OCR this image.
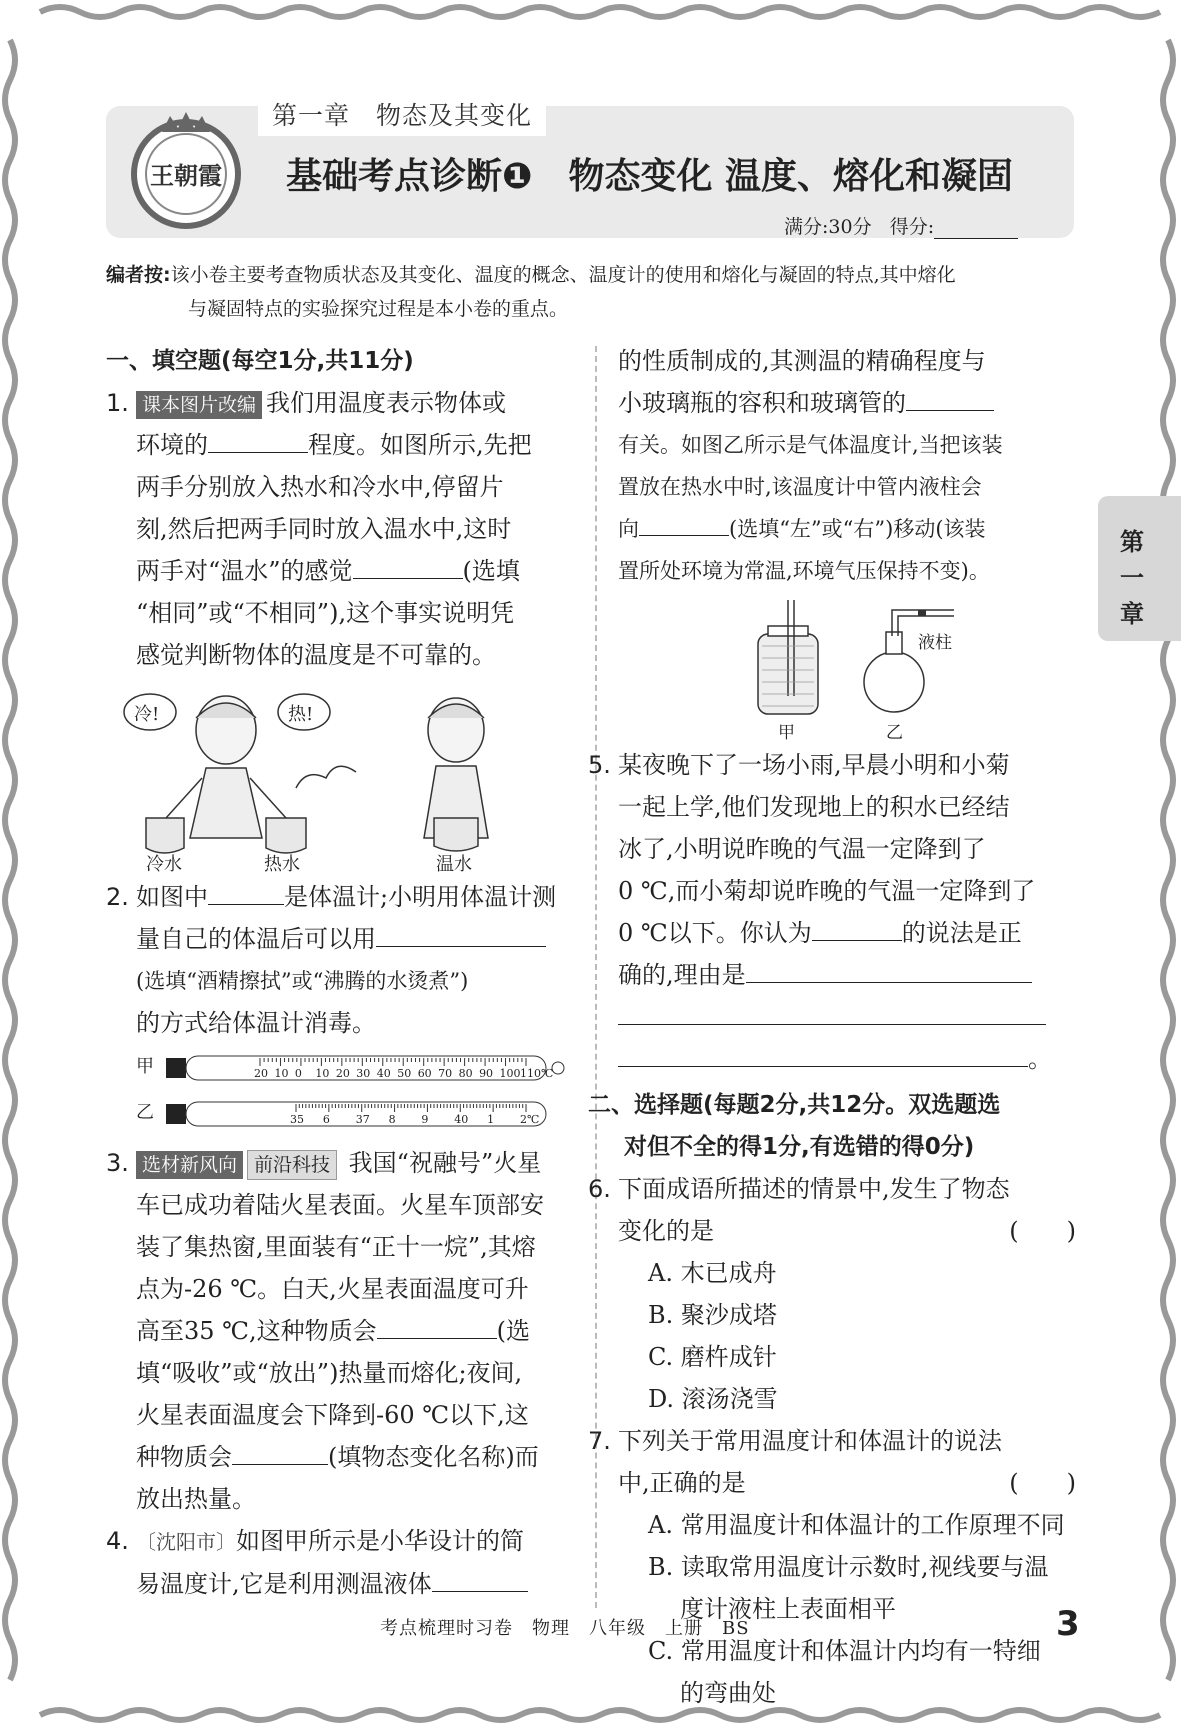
第一章　物态及其变化
王朝霞 基础考点诊断❶ 物态变化 温度、熔化和凝固
满分:30分 得分:
编者按:该小卷主要考查物质状态及其变化、温度的概念、温度计的使用和熔化与凝固的特点,其中熔化
与凝固特点的实验探究过程是本小卷的重点。
一、填空题(每空1分,共11分)
1. 课本图片改编 我们用温度表示物体或
环境的	程度。如图所示,先把
两手分别放入热水和冷水中,停留片
刻,然后把两手同时放入温水中,这时
两手对“温水”的感觉	(选填
“相同”或“不相同”),这个事实说明凭
感觉判断物体的温度是不可靠的。
冷!	热!
冷水	热水	温水
2. 如图中	是体温计;小明用体温计测
量自己的体温后可以用
(选填“酒精擦拭”或“沸腾的水烫煮”)
的方式给体温计消毒。
甲	20 10 0 10 20 30 40 50 60 70 80 90 100 110℃
乙	35 6 37 8 9 40 1 2℃
3. 选材新风向 前沿科技 我国“祝融号”火星
车已成功着陆火星表面。火星车顶部安
装了集热窗,里面装有“正十一烷”,其熔
点为-26 ℃。白天,火星表面温度可升
高至35 ℃,这种物质会	(选
填“吸收”或“放出”)热量而熔化;夜间,
火星表面温度会下降到-60 ℃以下,这
种物质会	(填物态变化名称)而
放出热量。
4. 〔沈阳市〕如图甲所示是小华设计的简
易温度计,它是利用测温液体
的性质制成的,其测温的精确程度与
小玻璃瓶的容积和玻璃管的
有关。如图乙所示是气体温度计,当把该装
置放在热水中时,该温度计中管内液柱会
向	(选填“左”或“右”)移动(该装
置所处环境为常温,环境气压保持不变)。
液柱
甲	乙
5. 某夜晚下了一场小雨,早晨小明和小菊
一起上学,他们发现地上的积水已经结
冰了,小明说昨晚的气温一定降到了
0 ℃,而小菊却说昨晚的气温一定降到了
0 ℃以下。你认为	的说法是正
确的,理由是
。
二、选择题(每题2分,共12分。双选题选
对但不全的得1分,有选错的得0分)
6. 下面成语所描述的情景中,发生了物态
变化的是	(　　)
A. 木已成舟B. 聚沙成塔
C. 磨杵成针D. 滚汤浇雪
7. 下列关于常用温度计和体温计的说法
中,正确的是	(　　)
A. 常用温度计和体温计的工作原理不同
B. 读取常用温度计示数时,视线要与温
度计液柱上表面相平
C. 常用温度计和体温计内均有一特细
的弯曲处
第一章
考点梳理时习卷　物理　八年级　上册　BS	3
